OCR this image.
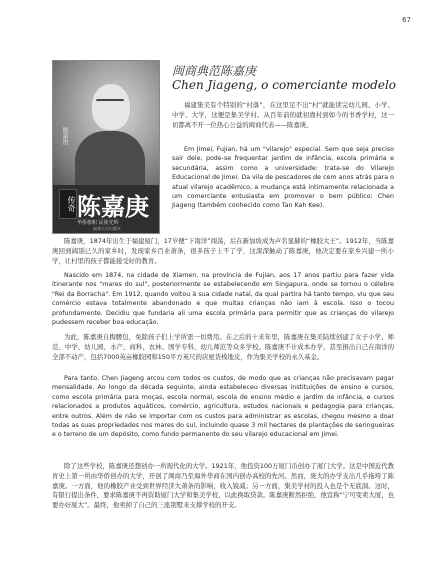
67
陈嘉庚
传奇 陈嘉庚
华侨旗帜 民族光辉
福建人民出版社
闽商典范陈嘉庚
Chen Jiageng, o comerciante modelo

福建集美有个特别的“村落”，在这里足不出“村”就能读完幼儿园、小学、中学、大学，这便是集美学村。从百年前的就初渔村到如今的书香学村，这一切都离不开一位热心公益的闽商代表——陈嘉庚。

Em Jimei, Fujian, há um "vilarejo" especial. Sem que seja preciso sair dele, pode-se frequentar jardim de infância, escola primária e secundária, assim como a universidade: trata-se do Vilarejo Educacional de Jimei. Da vila de pescadores de cem anos atrás para o atual vilarejo acadêmico, a mudança está intimamente relacionada a um comerciante entusiasta em promover o bem público: Chen Jiageng (também conhecido como Tan Kah Kee).

陈嘉庚，1874年出生于福建厦门，17岁便“下南洋”闯荡，后在新加坡成为声名显赫的“橡胶大王”。1912年，当陈嘉庚回到阔别已久的家乡时，发现家乡百业萧条，很多孩子上不了学，这深深触动了陈嘉庚，他决定要在家乡兴建一所小学，让村里的孩子都能接受好的教育。

Nascido em 1874, na cidade de Xiamen, na província de Fujian, aos 17 anos partiu para fazer vida itinerante nos "mares do sul", posteriormente se estabelecendo em Singapura, onde se tornou o célebre "Rei da Borracha". Em 1912, quando voltou à sua cidade natal, da qual partira há tanto tempo, viu que seu comércio estava totalmente abandonado e que muitas crianças não iam à escola. Isso o tocou profundamente. Decidiu que fundaria ali uma escola primária para permitir que as crianças do vilarejo pudessem receber boa educação.

为此，陈嘉庚自掏腰包，免除孩子们上学所需一切费用。在之后的十来年里，陈嘉庚在集美陆续创建了女子小学、师范、中学、幼儿园、水产、商科、农林、国学专科、幼儿师范等众多学校。陈嘉庚不计成本办学，甚至捐出自己在南洋的全部不动产，包括7000英亩橡胶园和150平方英尺的店屋货栈地皮，作为集美学校的永久基金。

Para tanto, Chen Jiageng arcou com todos os custos, de modo que as crianças não precisavam pagar mensalidade. Ao longo da década seguinte, ainda estabeleceu diversas instituições de ensino e cursos, como escola primária para moças, escola normal, escola de ensino médio e jardim de infância, e cursos relacionados a produtos aquáticos, comércio, agricultura, estudos nacionais e pedagogia para crianças, entre outros. Além de não se importar com os custos para administrar as escolas, chegou mesmo a doar todas as suas propriedades nos mares do sul, incluindo quase 3 mil hectares de plantações de seringueiras e o terreno de um depósito, como fundo permanente do seu vilarejo educacional em Jimei.

除了这些学校，陈嘉庚还想创办一所现代化的大学。1921年，他投资100万厦门币创办了厦门大学。这是中国近代教育史上第一所由华侨创办的大学，开创了闽商乃至海外华商在国内创办高校的先河。然而，庞大的办学支出几乎拖垮了陈嘉庚。一方面，他的橡胶产业受到世界经济大萧条的影响，收入锐减；另一方面，集美学村的投入也是个无底洞。这时，有银行提出条件，要求陈嘉庚不再资助厦门大学和集美学校，以此换取贷款。陈嘉庚断然拒绝，他宣称“宁可变卖大厦，也要办好厦大”。最终，他卖掉了自己的三座别墅来支撑学校的开支。
